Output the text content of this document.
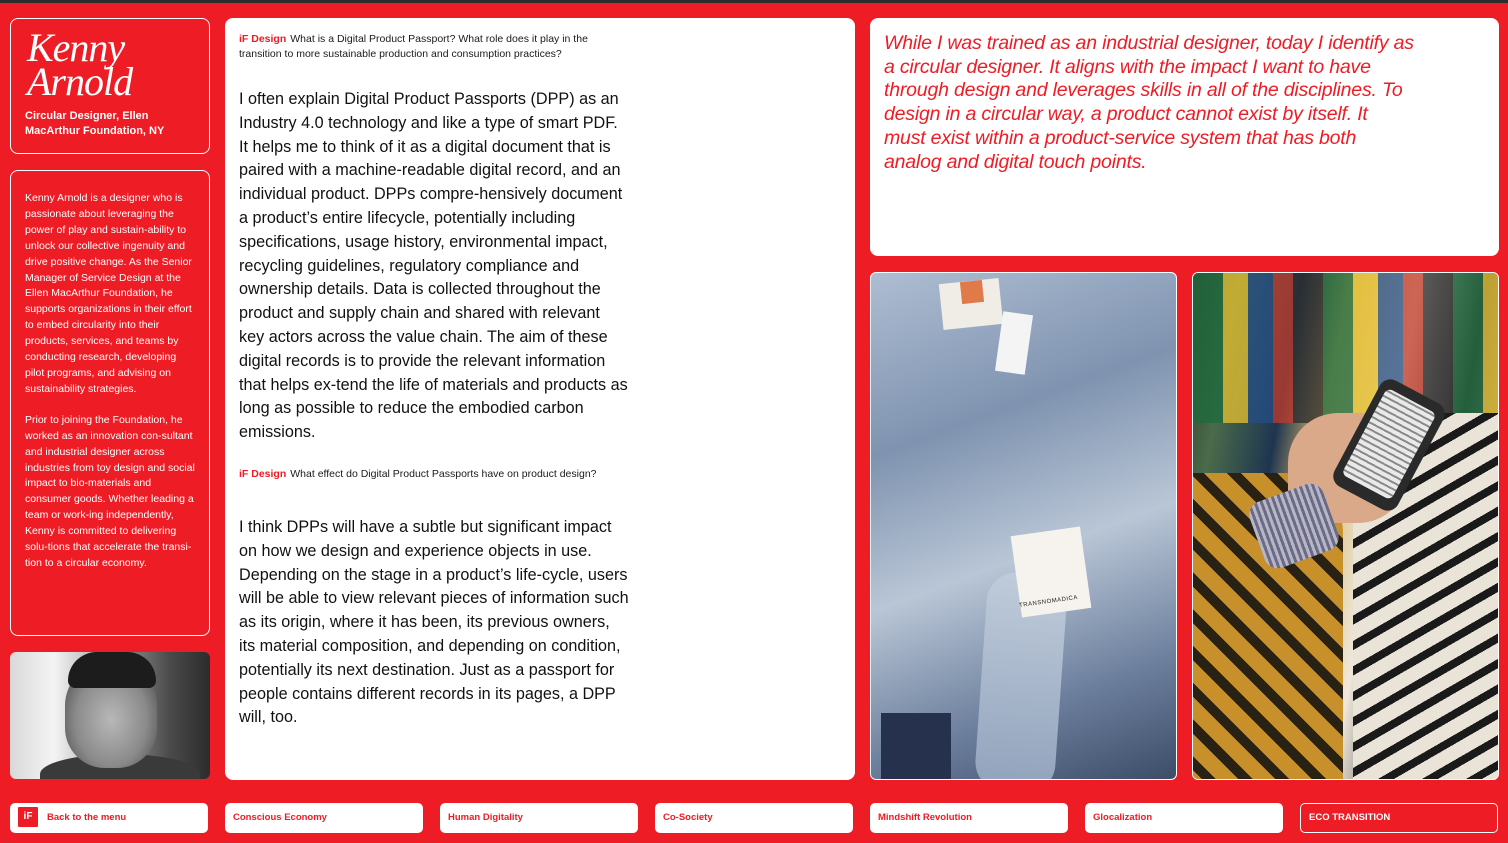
Kenny
Arnold
Circular Designer, Ellen MacArthur Foundation, NY

Kenny Arnold is a designer who is passionate about leveraging the power of play and sustain-ability to unlock our collective ingenuity and drive positive change. As the Senior Manager of Service Design at the Ellen MacArthur Foundation, he supports organizations in their effort to embed circularity into their products, services, and teams by conducting research, developing pilot programs, and advising on sustainability strategies.

Prior to joining the Foundation, he worked as an innovation con-sultant and industrial designer across industries from toy design and social impact to bio-materials and consumer goods. Whether leading a team or work-ing independently, Kenny is committed to delivering solu-tions that accelerate the transi-tion to a circular economy.

iF Design What is a Digital Product Passport? What role does it play in the transition to more sustainable production and consumption practices?

I often explain Digital Product Passports (DPP) as an Industry 4.0 technology and like a type of smart PDF. It helps me to think of it as a digital document that is paired with a machine-readable digital record, and an individual product. DPPs compre-hensively document a product’s entire lifecycle, potentially including specifications, usage history, environmental impact, recycling guidelines, regulatory compliance and ownership details. Data is collected throughout the product and supply chain and shared with relevant key actors across the value chain. The aim of these digital records is to provide the relevant information that helps ex-tend the life of materials and products as long as possible to reduce the embodied carbon emissions.

iF Design What effect do Digital Product Passports have on product design?

I think DPPs will have a subtle but significant impact on how we design and experience objects in use. Depending on the stage in a product’s life-cycle, users will be able to view relevant pieces of information such as its origin, where it has been, its previous owners, its material composition, and depending on condition, potentially its next destination. Just as a passport for people contains different records in its pages, a DPP will, too.

While I was trained as an industrial designer, today I identify as a circular designer. It aligns with the impact I want to have through design and leverages skills in all of the disciplines. To design in a circular way, a product cannot exist by itself. It must exist within a product-service system that has both analog and digital touch points.

TRANSNOMADICA
iF Back to the menu	Conscious Economy	Human Digitality	Co-Society	Mindshift Revolution	Glocalization	ECO TRANSITION
